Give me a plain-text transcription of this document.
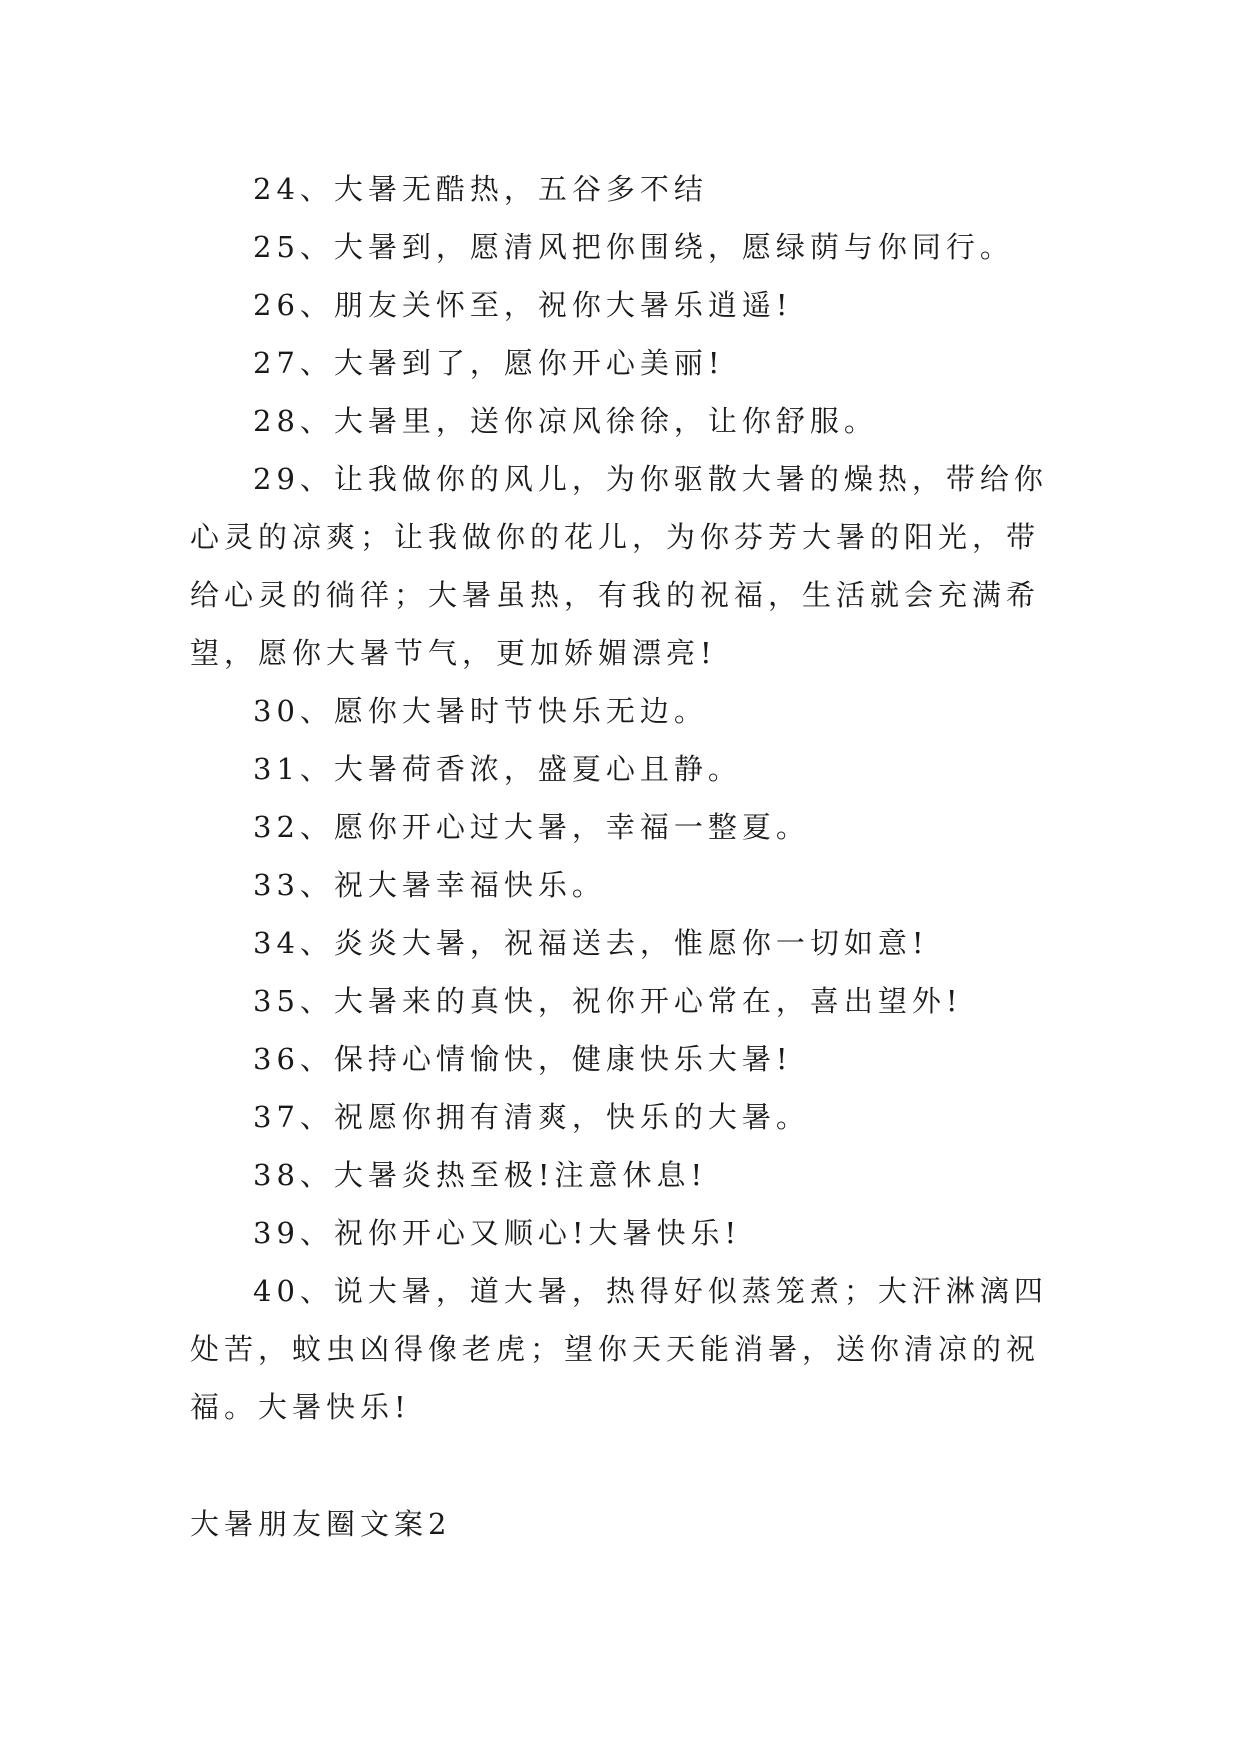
24、大暑无酷热，五谷多不结

25、大暑到，愿清风把你围绕，愿绿荫与你同行。

26、朋友关怀至，祝你大暑乐逍遥!

27、大暑到了，愿你开心美丽!

28、大暑里，送你凉风徐徐，让你舒服。

29、让我做你的风儿，为你驱散大暑的燥热，带给你心灵的凉爽；让我做你的花儿，为你芬芳大暑的阳光，带给心灵的徜徉；大暑虽热，有我的祝福，生活就会充满希望，愿你大暑节气，更加娇媚漂亮!

30、愿你大暑时节快乐无边。

31、大暑荷香浓，盛夏心且静。

32、愿你开心过大暑，幸福一整夏。

33、祝大暑幸福快乐。

34、炎炎大暑，祝福送去，惟愿你一切如意!

35、大暑来的真快，祝你开心常在，喜出望外!

36、保持心情愉快，健康快乐大暑!

37、祝愿你拥有清爽，快乐的大暑。

38、大暑炎热至极!注意休息!

39、祝你开心又顺心!大暑快乐!

40、说大暑，道大暑，热得好似蒸笼煮；大汗淋漓四处苦，蚊虫凶得像老虎；望你天天能消暑，送你清凉的祝福。大暑快乐!

大暑朋友圈文案2
